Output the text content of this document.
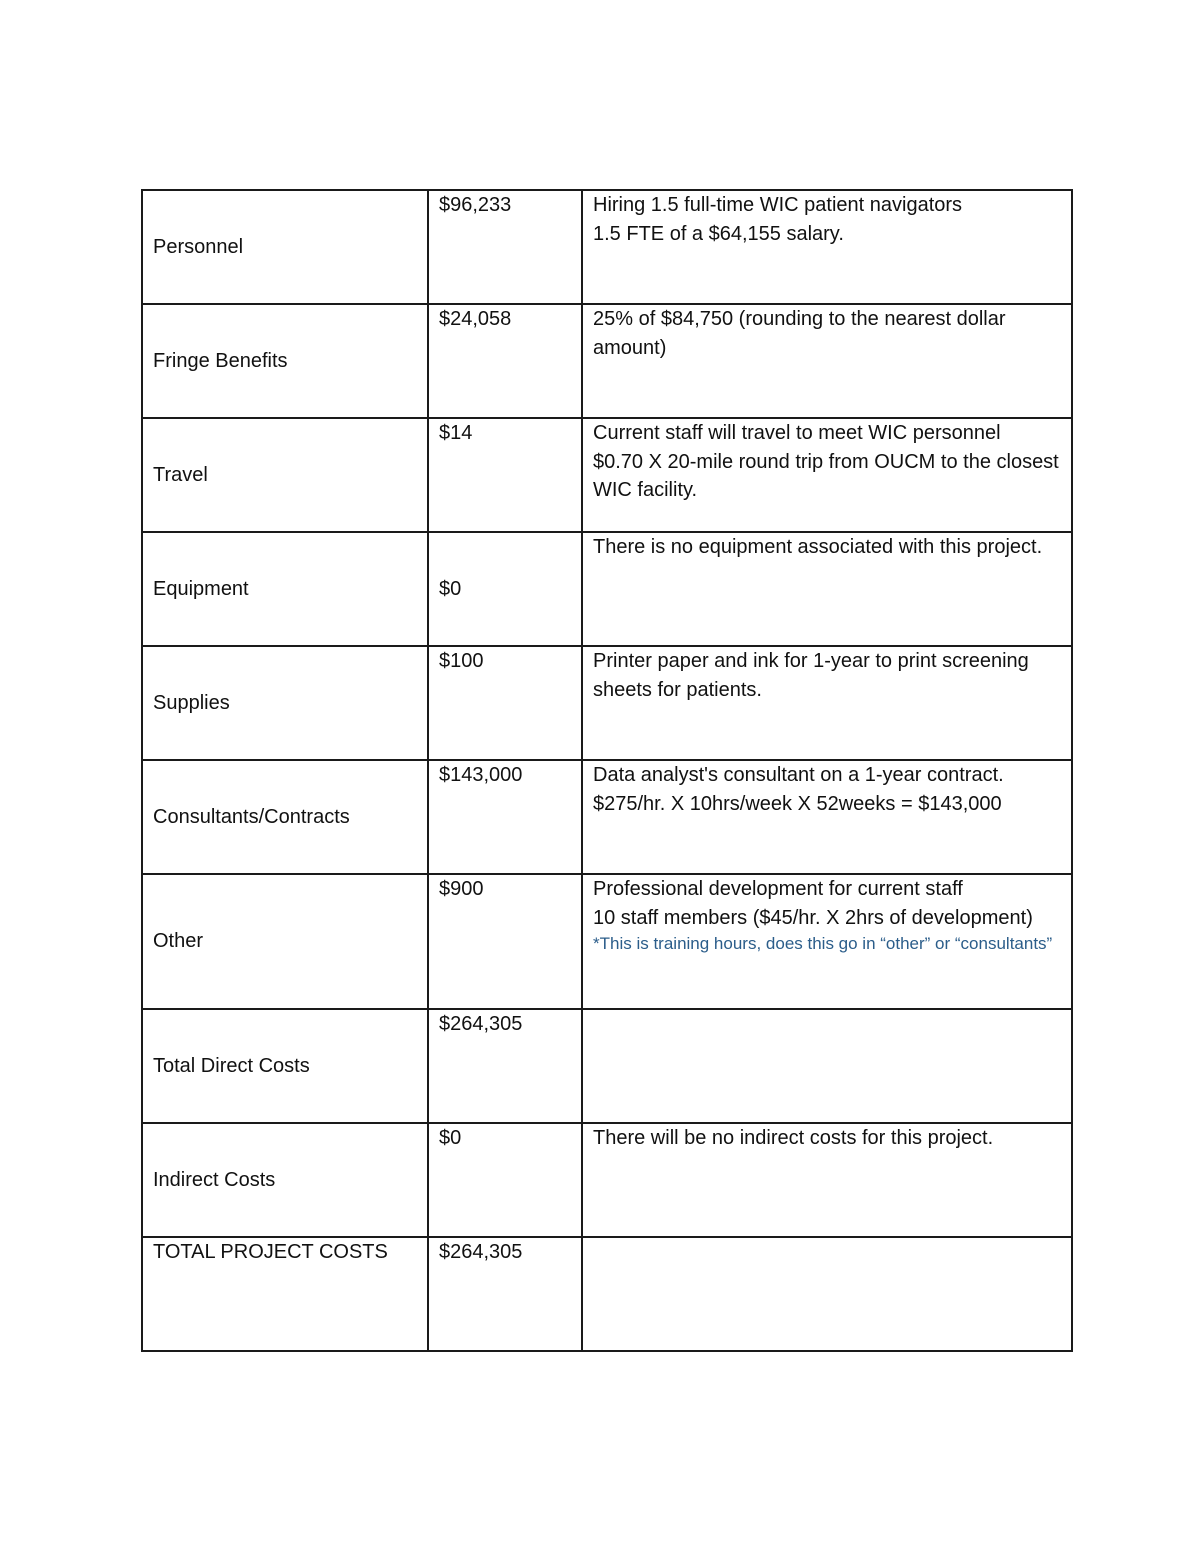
Personnel	$96,233	Hiring 1.5 full-time WIC patient navigators
1.5 FTE of a $64,155 salary.

Fringe Benefits	$24,058	25% of $84,750 (rounding to the nearest dollar amount)

Travel	$14	Current staff will travel to meet WIC personnel
$0.70 X 20-mile round trip from OUCM to the closest WIC facility.

Equipment	$0	There is no equipment associated with this project.

Supplies	$100	Printer paper and ink for 1-year to print screening sheets for patients.

Consultants/Contracts	$143,000	Data analyst's consultant on a 1-year contract.
$275/hr. X 10hrs/week X 52weeks = $143,000

Other	$900	Professional development for current staff
10 staff members ($45/hr. X 2hrs of development)
*This is training hours, does this go in “other” or “consultants”

Total Direct Costs	$264,305	
Indirect Costs	$0	There will be no indirect costs for this project.

TOTAL PROJECT COSTS	$264,305	
